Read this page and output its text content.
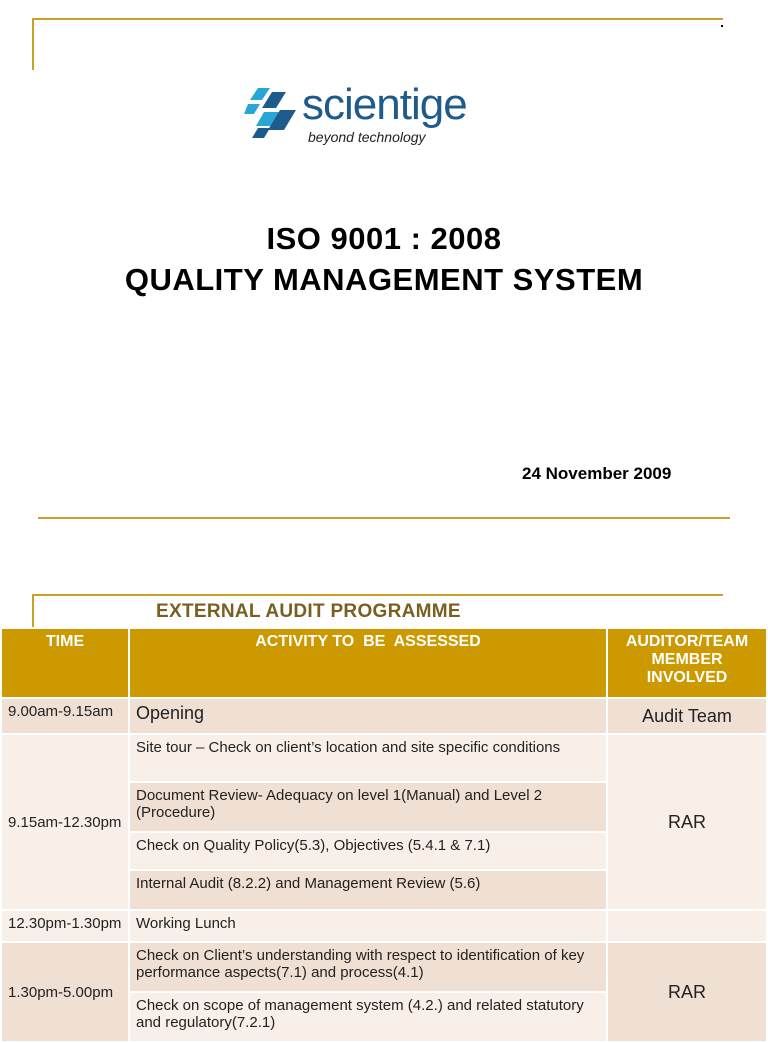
scientige
beyond technology
ISO 9001 : 2008
QUALITY MANAGEMENT SYSTEM
24 November 2009
EXTERNAL AUDIT PROGRAMME
TIME	ACTIVITY TO  BE  ASSESSED	AUDITOR/TEAM MEMBER INVOLVED
9.00am-9.15am	Opening	Audit Team
9.15am-12.30pm	Site tour – Check on client’s location and site specific conditions	RAR
	Document Review- Adequacy on level 1(Manual) and Level 2 (Procedure)	
	Check on Quality Policy(5.3), Objectives (5.4.1 & 7.1)	
	Internal Audit (8.2.2) and Management Review (5.6)	
12.30pm-1.30pm	Working Lunch	
1.30pm-5.00pm	Check on Client’s understanding with respect to identification of key performance aspects(7.1) and process(4.1)	RAR
	Check on scope of management system (4.2.) and related statutory and regulatory(7.2.1)	
